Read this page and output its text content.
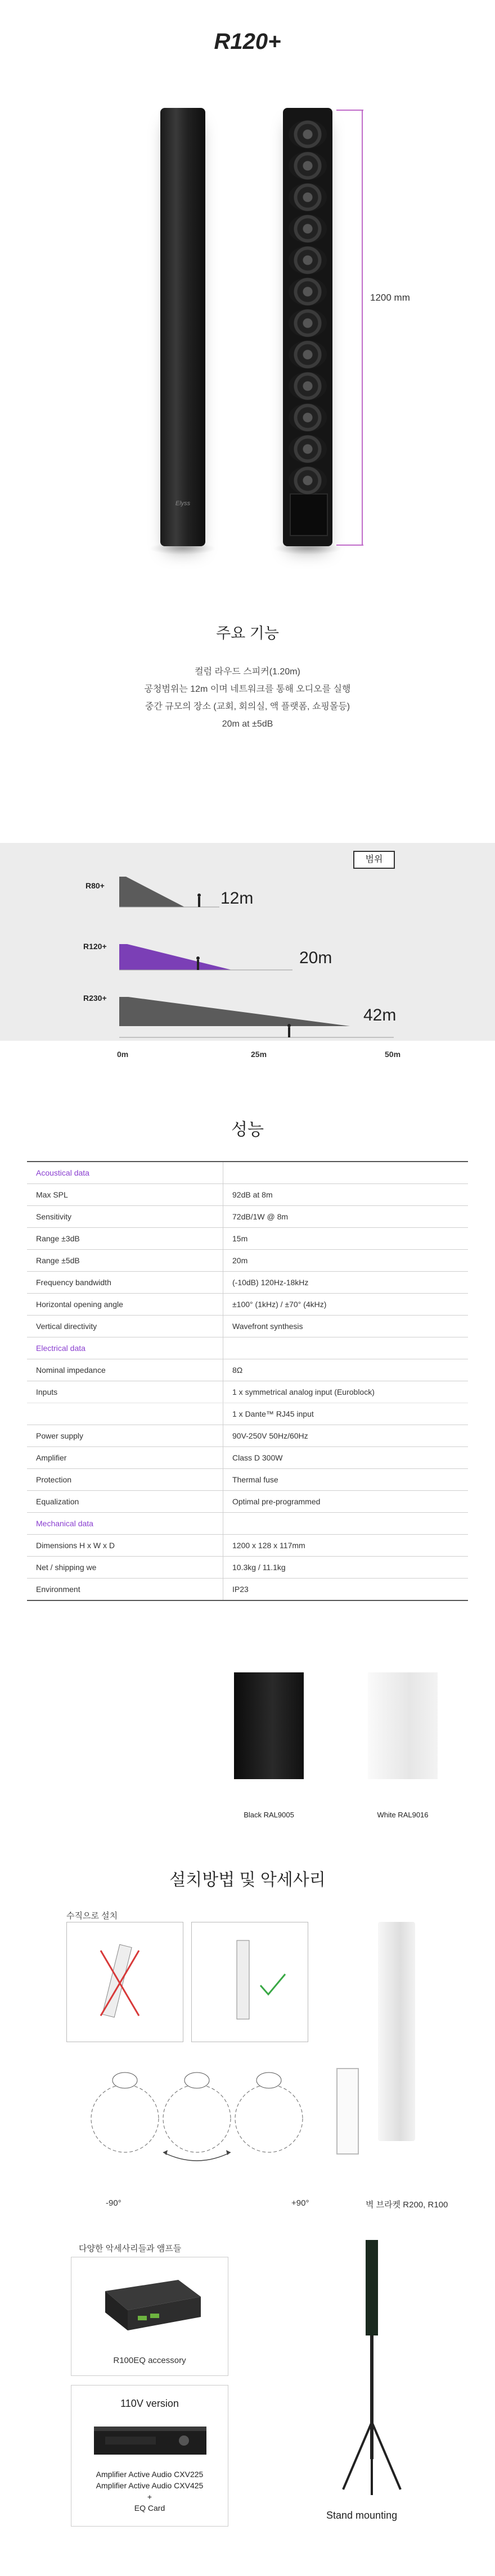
R120+
Elyss
1200 mm
주요 기능
컬럼 라우드 스피커(1.20m)
공청범위는 12m 이며 네트워크를 통해 오디오를 실행
중간 규모의 장소 (교회, 회의실, 액 플랫폼, 쇼핑몰등)
20m at ±5dB
범위
R80+
12m
R120+
20m
R230+
42m
0m	25m	50m
성능
Acoustical data	
Max SPL	92dB at 8m
Sensitivity	72dB/1W @ 8m
Range ±3dB	15m
Range ±5dB	20m
Frequency bandwidth	(-10dB) 120Hz-18kHz
Horizontal opening angle	±100° (1kHz) / ±70° (4kHz)
Vertical directivity	Wavefront synthesis
Electrical data	
Nominal impedance	8Ω
Inputs	1 x symmetrical analog input (Euroblock)
	1 x Dante™ RJ45 input
Power supply	90V-250V 50Hz/60Hz
Amplifier	Class D 300W
Protection	Thermal fuse
Equalization	Optimal pre-programmed
Mechanical data	
Dimensions H x W x D	1200 x 128 x 117mm
Net / shipping we	10.3kg / 11.1kg
Environment	IP23
Black RAL9005	White RAL9016
설치방법 및 악세사리
수직으로 설치
-90°	+90°	벽 브라켓 R200, R100
다양한 악세사리들과 앰프들
R100EQ accessory
110V version
Amplifier Active Audio CXV225
Amplifier Active Audio CXV425
+
EQ Card
Stand mounting
